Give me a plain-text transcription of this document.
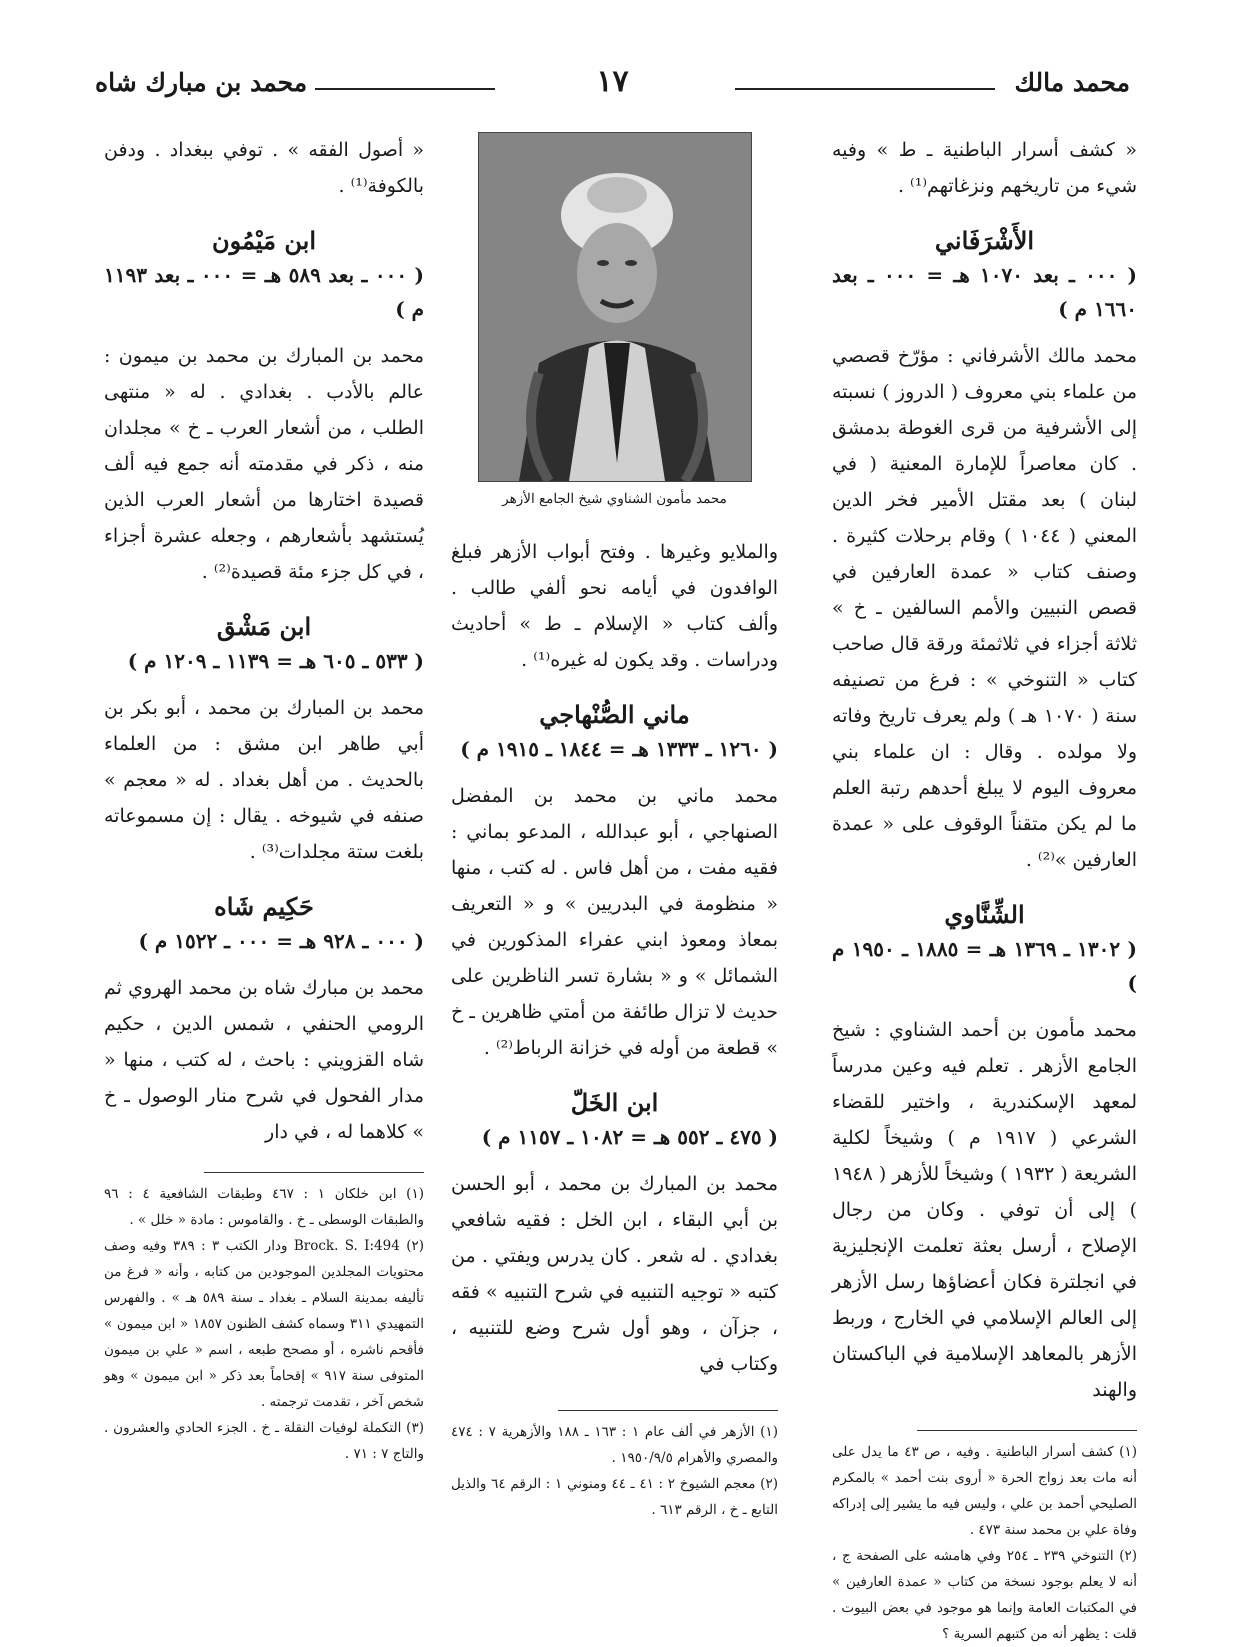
محمد مالك
١٧
محمد بن مبارك شاه

« كشف أسرار الباطنية ـ ط » وفيه شيء من تاريخهم ونزغاتهم⁽¹⁾ .

الأَشْرَفَاني

( ٠٠٠ ـ بعد ١٠٧٠ هـ = ٠٠٠ ـ بعد ١٦٦٠ م )

محمد مالك الأشرفاني : مؤرّخ قصصي من علماء بني معروف ( الدروز ) نسبته إلى الأشرفية من قرى الغوطة بدمشق . كان معاصراً للإمارة المعنية ( في لبنان ) بعد مقتل الأمير فخر الدين المعني ( ١٠٤٤ ) وقام برحلات كثيرة . وصنف كتاب « عمدة العارفين في قصص النبيين والأمم السالفين ـ خ » ثلاثة أجزاء في ثلاثمئة ورقة قال صاحب كتاب « التنوخي » : فرغ من تصنيفه سنة ( ١٠٧٠ هـ ) ولم يعرف تاريخ وفاته ولا مولده . وقال : ان علماء بني معروف اليوم لا يبلغ أحدهم رتبة العلم ما لم يكن متقناً الوقوف على « عمدة العارفين »⁽²⁾ .

الشِّنَّاوي

( ١٣٠٢ ـ ١٣٦٩ هـ = ١٨٨٥ ـ ١٩٥٠ م )

محمد مأمون بن أحمد الشناوي : شيخ الجامع الأزهر . تعلم فيه وعين مدرساً لمعهد الإسكندرية ، واختير للقضاء الشرعي ( ١٩١٧ م ) وشيخاً لكلية الشريعة ( ١٩٣٢ ) وشيخاً للأزهر ( ١٩٤٨ ) إلى أن توفي . وكان من رجال الإصلاح ، أرسل بعثة تعلمت الإنجليزية في انجلترة فكان أعضاؤها رسل الأزهر إلى العالم الإسلامي في الخارج ، وربط الأزهر بالمعاهد الإسلامية في الباكستان والهند

(١) كشف أسرار الباطنية . وفيه ، ص ٤٣ ما يدل على أنه مات بعد زواج الحرة « أروى بنت أحمد » بالمكرم الصليحي أحمد بن علي ، وليس فيه ما يشير إلى إدراكه وفاة علي بن محمد سنة ٤٧٣ .

(٢) التنوخي ٢٣٩ ـ ٢٥٤ وفي هامشه على الصفحة ج ، أنه لا يعلم بوجود نسخة من كتاب « عمدة العارفين » في المكتبات العامة وإنما هو موجود في بعض البيوت . قلت : يظهر أنه من كتبهم السرية ؟

محمد مأمون الشناوي شيخ الجامع الأزهر

والملايو وغيرها . وفتح أبواب الأزهر فبلغ الوافدون في أيامه نحو ألفي طالب . وألف كتاب « الإسلام ـ ط » أحاديث ودراسات . وقد يكون له غيره⁽¹⁾ .

ماني الصُّنْهاجي

( ١٢٦٠ ـ ١٣٣٣ هـ = ١٨٤٤ ـ ١٩١٥ م )

محمد ماني بن محمد بن المفضل الصنهاجي ، أبو عبدالله ، المدعو بماني : فقيه مفت ، من أهل فاس . له كتب ، منها « منظومة في البدريين » و « التعريف بمعاذ ومعوذ ابني عفراء المذكورين في الشمائل » و « بشارة تسر الناظرين على حديث لا تزال طائفة من أمتي ظاهرين ـ خ » قطعة من أوله في خزانة الرباط⁽²⁾ .

ابن الخَلّ

( ٤٧٥ ـ ٥٥٢ هـ = ١٠٨٢ ـ ١١٥٧ م )

محمد بن المبارك بن محمد ، أبو الحسن بن أبي البقاء ، ابن الخل : فقيه شافعي بغدادي . له شعر . كان يدرس ويفتي . من كتبه « توجيه التنبيه في شرح التنبيه » فقه ، جزآن ، وهو أول شرح وضع للتنبيه ، وكتاب في

(١) الأزهر في ألف عام ١ : ١٦٣ ـ ١٨٨ والأزهرية ٧ : ٤٧٤ والمصري والأهرام ١٩٥٠/٩/٥ .

(٢) معجم الشيوخ ٢ : ٤١ ـ ٤٤ ومنوني ١ : الرقم ٦٤ والذيل التابع ـ خ ، الرقم ٦١٣ .

« أصول الفقه » . توفي ببغداد . ودفن بالكوفة⁽¹⁾ .

ابن مَيْمُون

( ٠٠٠ ـ بعد ٥٨٩ هـ = ٠٠٠ ـ بعد ١١٩٣ م )

محمد بن المبارك بن محمد بن ميمون : عالم بالأدب . بغدادي . له « منتهى الطلب ، من أشعار العرب ـ خ » مجلدان منه ، ذكر في مقدمته أنه جمع فيه ألف قصيدة اختارها من أشعار العرب الذين يُستشهد بأشعارهم ، وجعله عشرة أجزاء ، في كل جزء مئة قصيدة⁽²⁾ .

ابن مَشْق

( ٥٣٣ ـ ٦٠٥ هـ = ١١٣٩ ـ ١٢٠٩ م )

محمد بن المبارك بن محمد ، أبو بكر بن أبي طاهر ابن مشق : من العلماء بالحديث . من أهل بغداد . له « معجم » صنفه في شيوخه . يقال : إن مسموعاته بلغت ستة مجلدات⁽³⁾ .

حَكِيم شَاه

( ٠٠٠ ـ ٩٢٨ هـ = ٠٠٠ ـ ١٥٢٢ م )

محمد بن مبارك شاه بن محمد الهروي ثم الرومي الحنفي ، شمس الدين ، حكيم شاه القزويني : باحث ، له كتب ، منها « مدار الفحول في شرح منار الوصول ـ خ » كلاهما له ، في دار

(١) ابن خلكان ١ : ٤٦٧ وطبقات الشافعية ٤ : ٩٦ والطبقات الوسطى ـ خ . والقاموس : مادة « خلل » .

(٢) Brock. S. I:494 ودار الكتب ٣ : ٣٨٩ وفيه وصف محتويات المجلدين الموجودين من كتابه ، وأنه « فرغ من تأليفه بمدينة السلام ـ بغداد ـ سنة ٥٨٩ هـ » . والفهرس التمهيدي ٣١١ وسماه كشف الظنون ١٨٥٧ « ابن ميمون » فأقحم ناشره ، أو مصحح طبعه ، اسم « علي بن ميمون المتوفى سنة ٩١٧ » إقحاماً بعد ذكر « ابن ميمون » وهو شخص آخر ، تقدمت ترجمته .

(٣) التكملة لوفيات النقلة ـ خ . الجزء الحادي والعشرون . والتاج ٧ : ٧١ .
